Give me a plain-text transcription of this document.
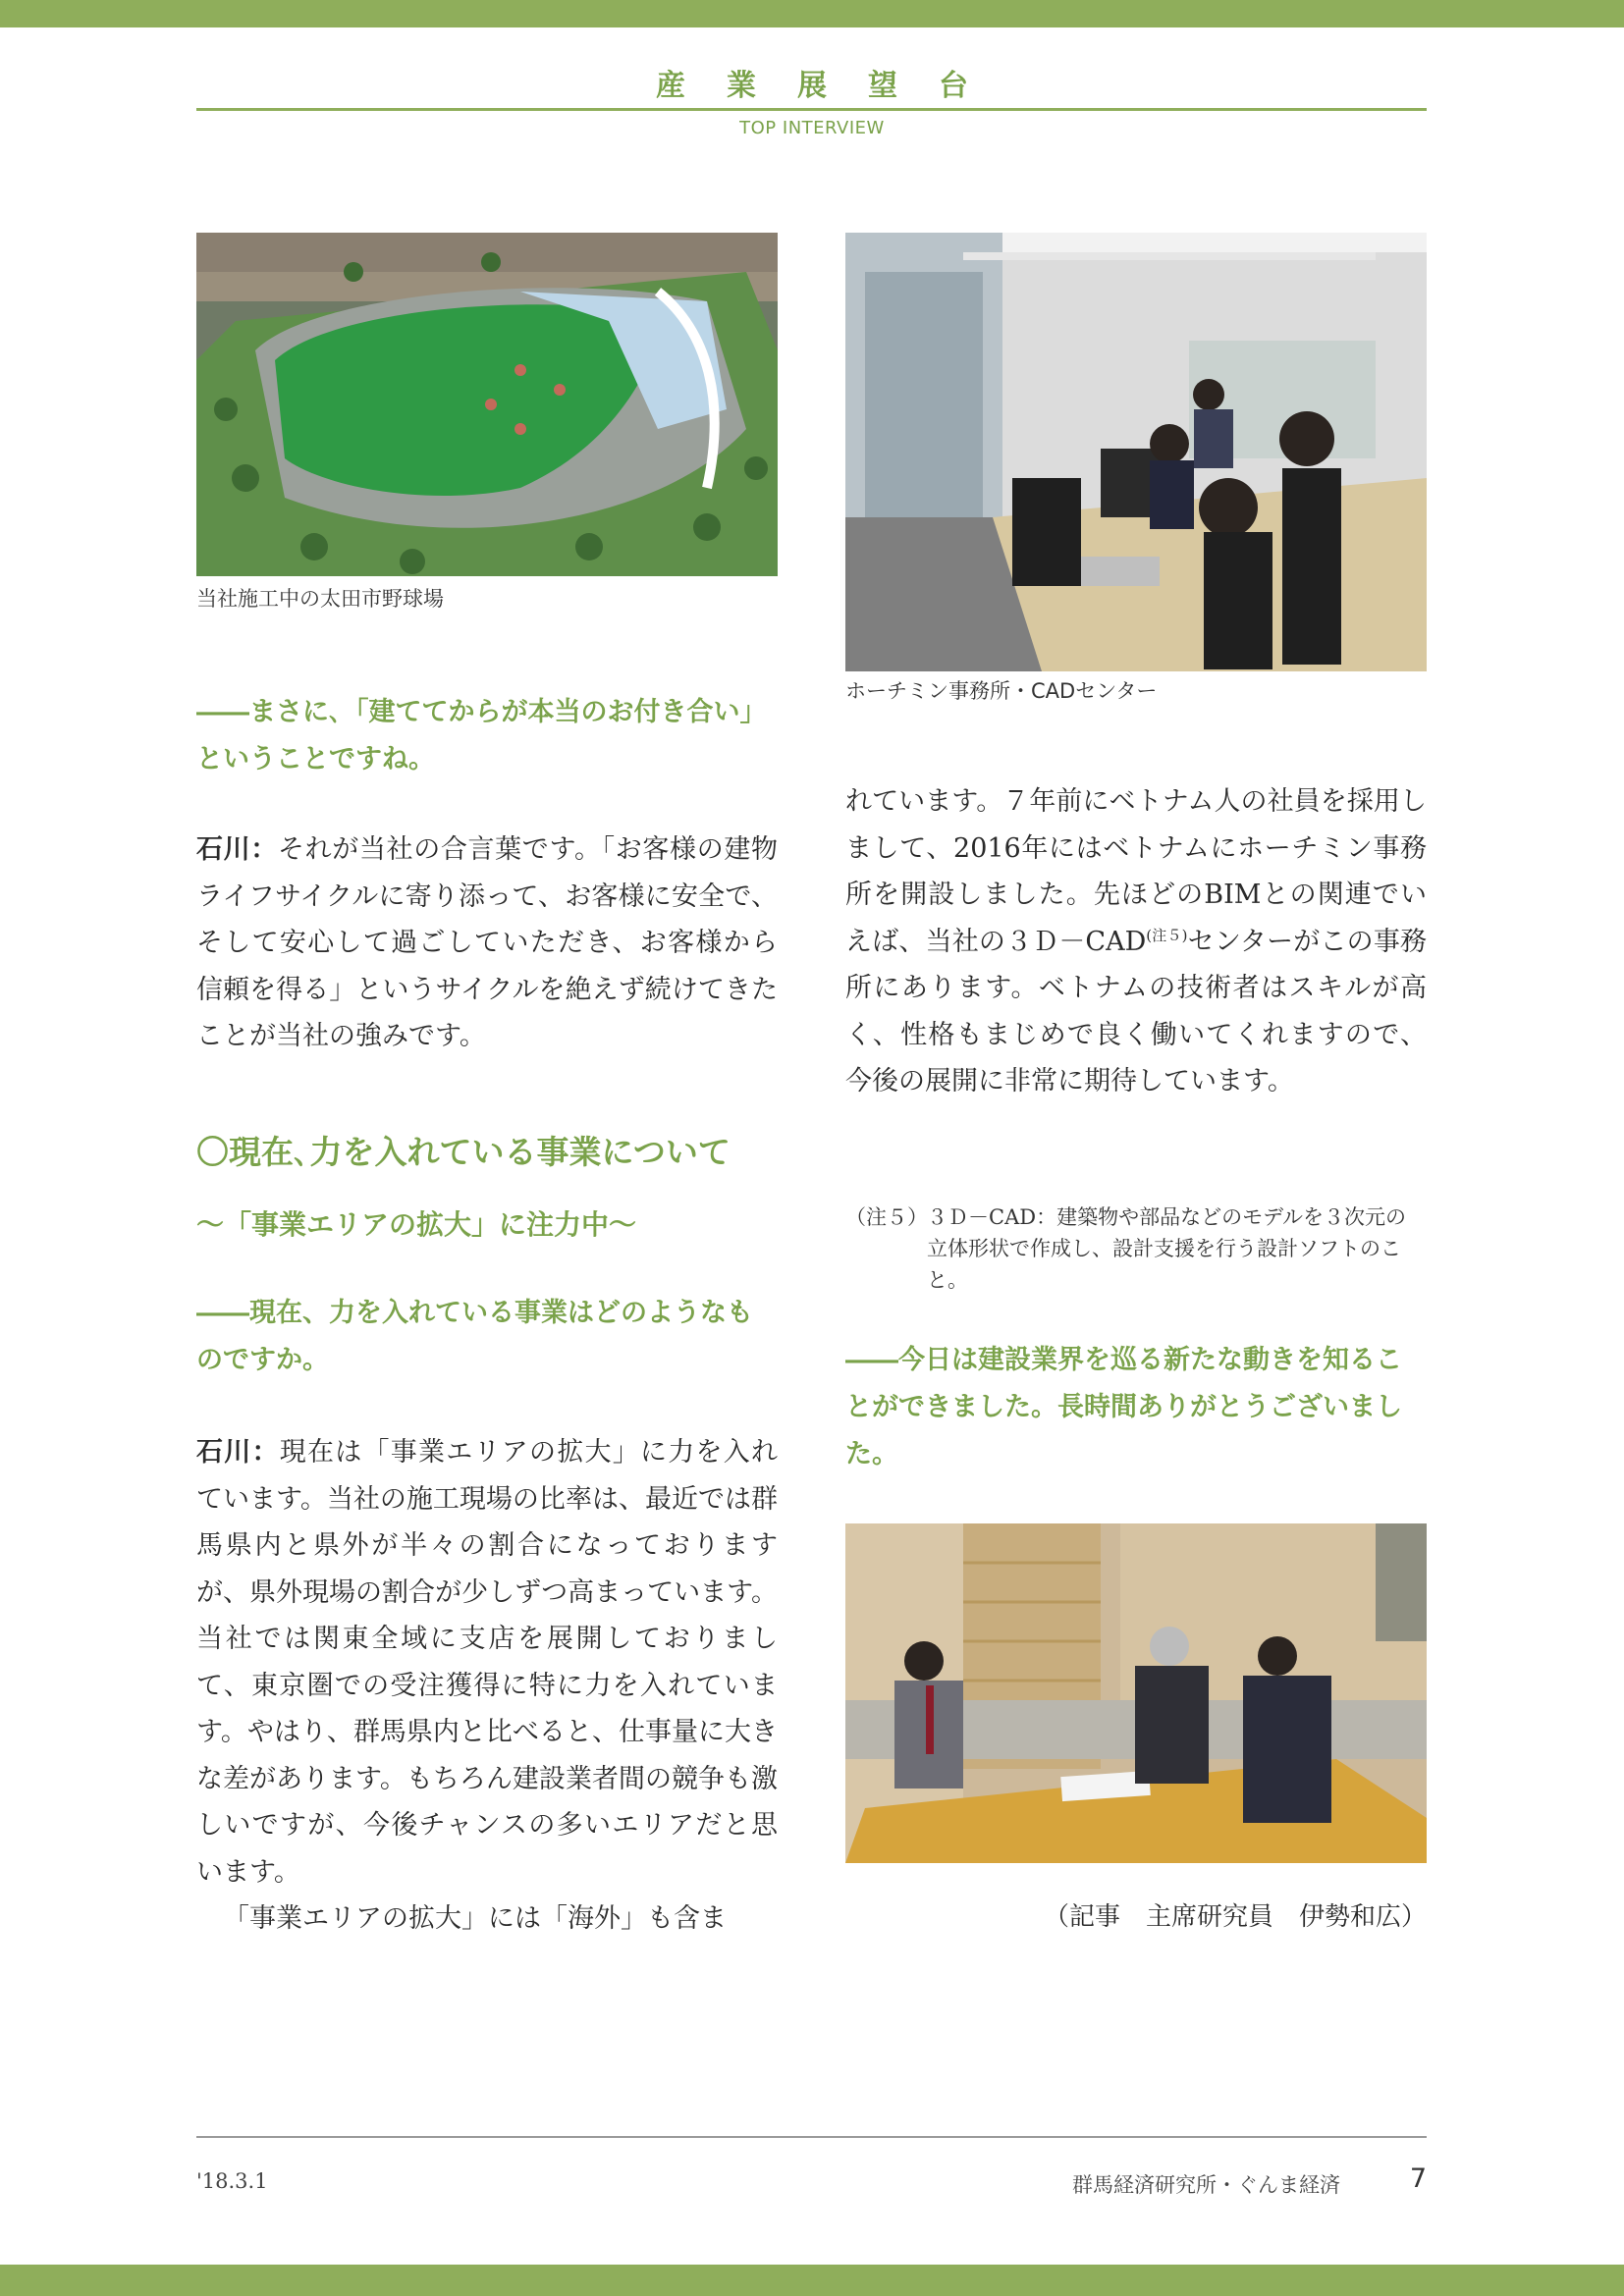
産業展望台
TOP INTERVIEW
当社施工中の太田市野球場
ホーチミン事務所・CADセンター
――まさに､「建ててからが本当のお付き合い」ということですね。
石川：それが当社の合言葉です。「お客様の建物ライフサイクルに寄り添って、お客様に安全で、そして安心して過ごしていただき、お客様から信頼を得る」というサイクルを絶えず続けてきたことが当社の強みです。
〇現在､力を入れている事業について
〜「事業エリアの拡大」に注力中〜
――現在、力を入れている事業はどのようなものですか。
石川：現在は「事業エリアの拡大」に力を入れています。当社の施工現場の比率は、最近では群馬県内と県外が半々の割合になっておりますが、県外現場の割合が少しずつ高まっています。当社では関東全域に支店を展開しておりまして、東京圏での受注獲得に特に力を入れています。やはり、群馬県内と比べると、仕事量に大きな差があります。もちろん建設業者間の競争も激しいですが、今後チャンスの多いエリアだと思います。
「事業エリアの拡大」には「海外」も含ま
れています。７年前にベトナム人の社員を採用しまして、2016年にはベトナムにホーチミン事務所を開設しました。先ほどのBIMとの関連でいえば、当社の$3D-CAD^{(注5)}$センターがこの事務所にあります。ベトナムの技術者はスキルが高く、性格もまじめで良く働いてくれますので、今後の展開に非常に期待しています。
（注５） ３Ｄ－CAD：建築物や部品などのモデルを３次元の立体形状で作成し、設計支援を行う設計ソフトのこと。
――今日は建設業界を巡る新たな動きを知ることができました。長時間ありがとうございました。
（記事　主席研究員　伊勢和広）
'18.3.1	群馬経済研究所・ぐんま経済	7
